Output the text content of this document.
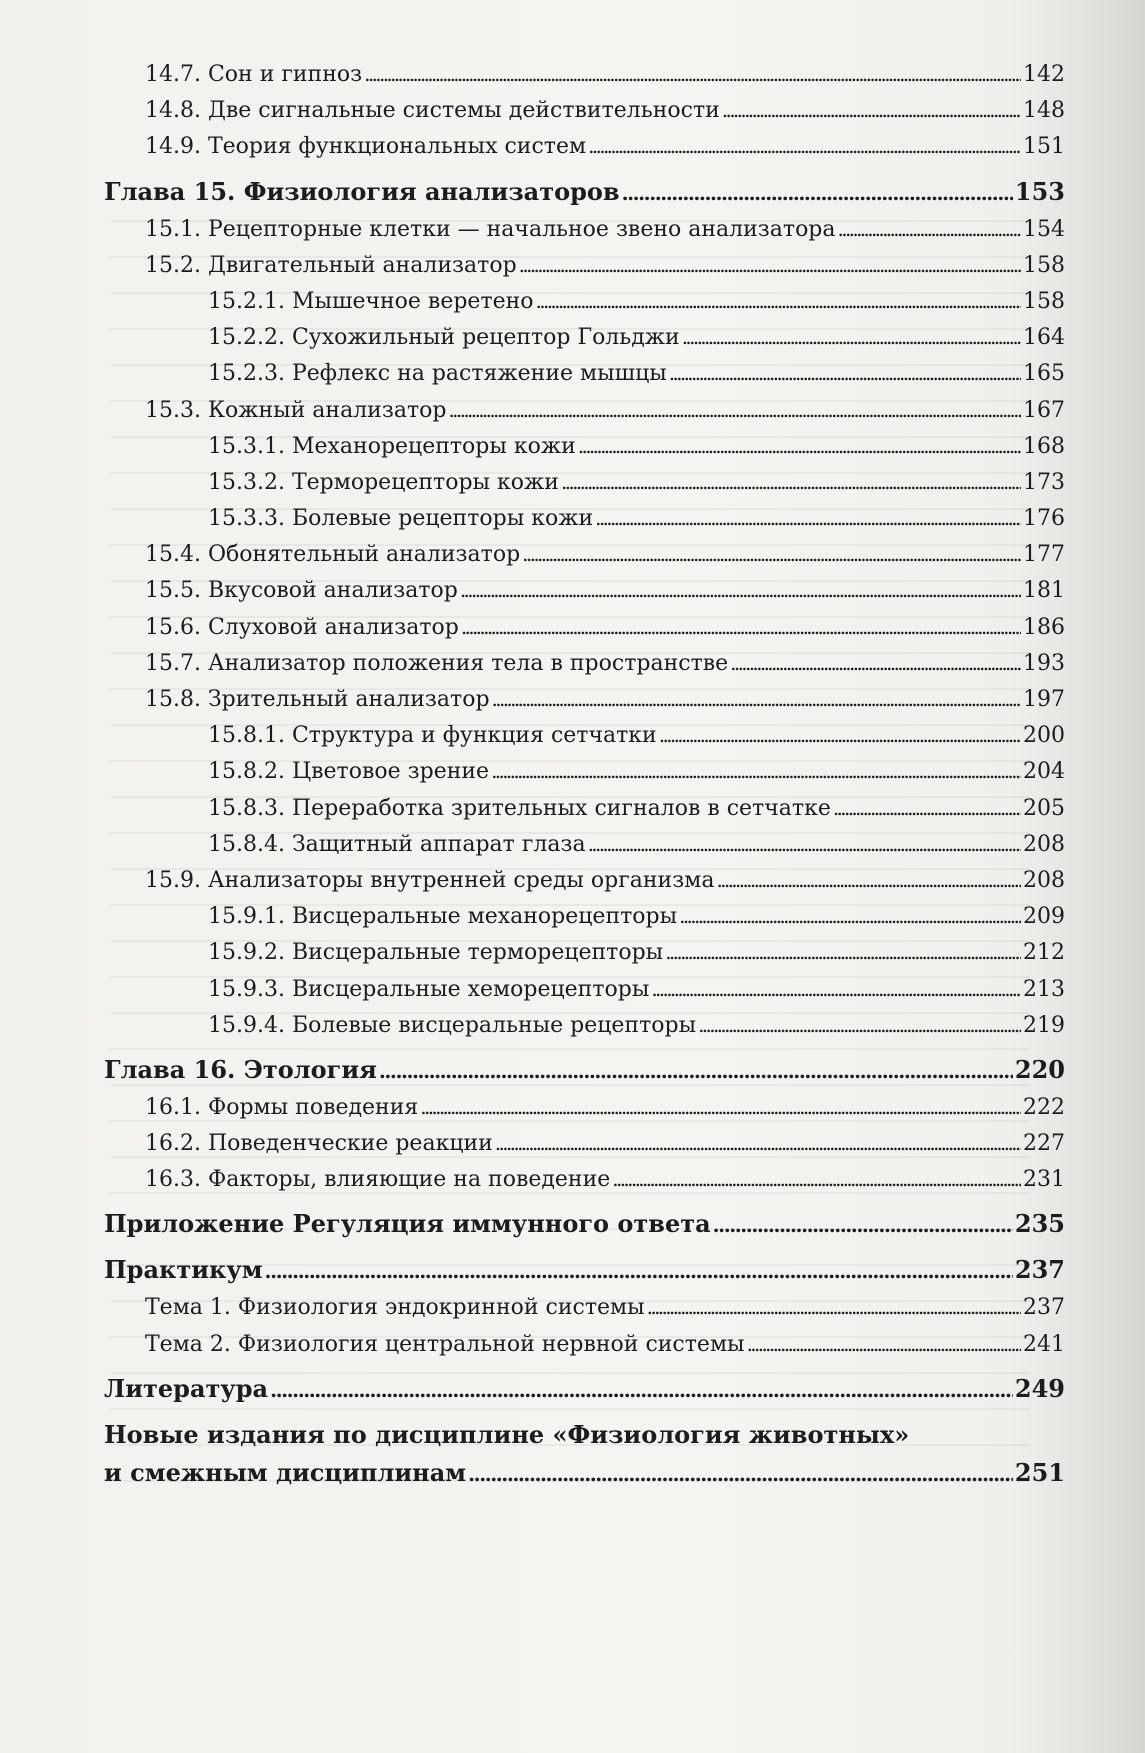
14.7. Сон и гипноз . . .	142
14.8. Две сигнальные системы действительности . . .	148
14.9. Теория функциональных систем . . .	151
Глава 15. Физиология анализаторов . . .	153
15.1. Рецепторные клетки — начальное звено анализатора . . .	154
15.2. Двигательный анализатор . . .	158
15.2.1. Мышечное веретено . . .	158
15.2.2. Сухожильный рецептор Гольджи . . .	164
15.2.3. Рефлекс на растяжение мышцы . . .	165
15.3. Кожный анализатор . . .	167
15.3.1. Механорецепторы кожи . . .	168
15.3.2. Терморецепторы кожи . . .	173
15.3.3. Болевые рецепторы кожи . . .	176
15.4. Обонятельный анализатор . . .	177
15.5. Вкусовой анализатор . . .	181
15.6. Слуховой анализатор . . .	186
15.7. Анализатор положения тела в пространстве . . .	193
15.8. Зрительный анализатор . . .	197
15.8.1. Структура и функция сетчатки . . .	200
15.8.2. Цветовое зрение . . .	204
15.8.3. Переработка зрительных сигналов в сетчатке . . .	205
15.8.4. Защитный аппарат глаза . . .	208
15.9. Анализаторы внутренней среды организма . . .	208
15.9.1. Висцеральные механорецепторы . . .	209
15.9.2. Висцеральные терморецепторы . . .	212
15.9.3. Висцеральные хеморецепторы . . .	213
15.9.4. Болевые висцеральные рецепторы . . .	219
Глава 16. Этология . . .	220
16.1. Формы поведения . . .	222
16.2. Поведенческие реакции . . .	227
16.3. Факторы, влияющие на поведение . . .	231
Приложение Регуляция иммунного ответа . . .	235
Практикум . . .	237
Тема 1. Физиология эндокринной системы . . .	237
Тема 2. Физиология центральной нервной системы . . .	241
Литература . . .	249
Новые издания по дисциплине «Физиология животных»
и смежным дисциплинам . . .	251
